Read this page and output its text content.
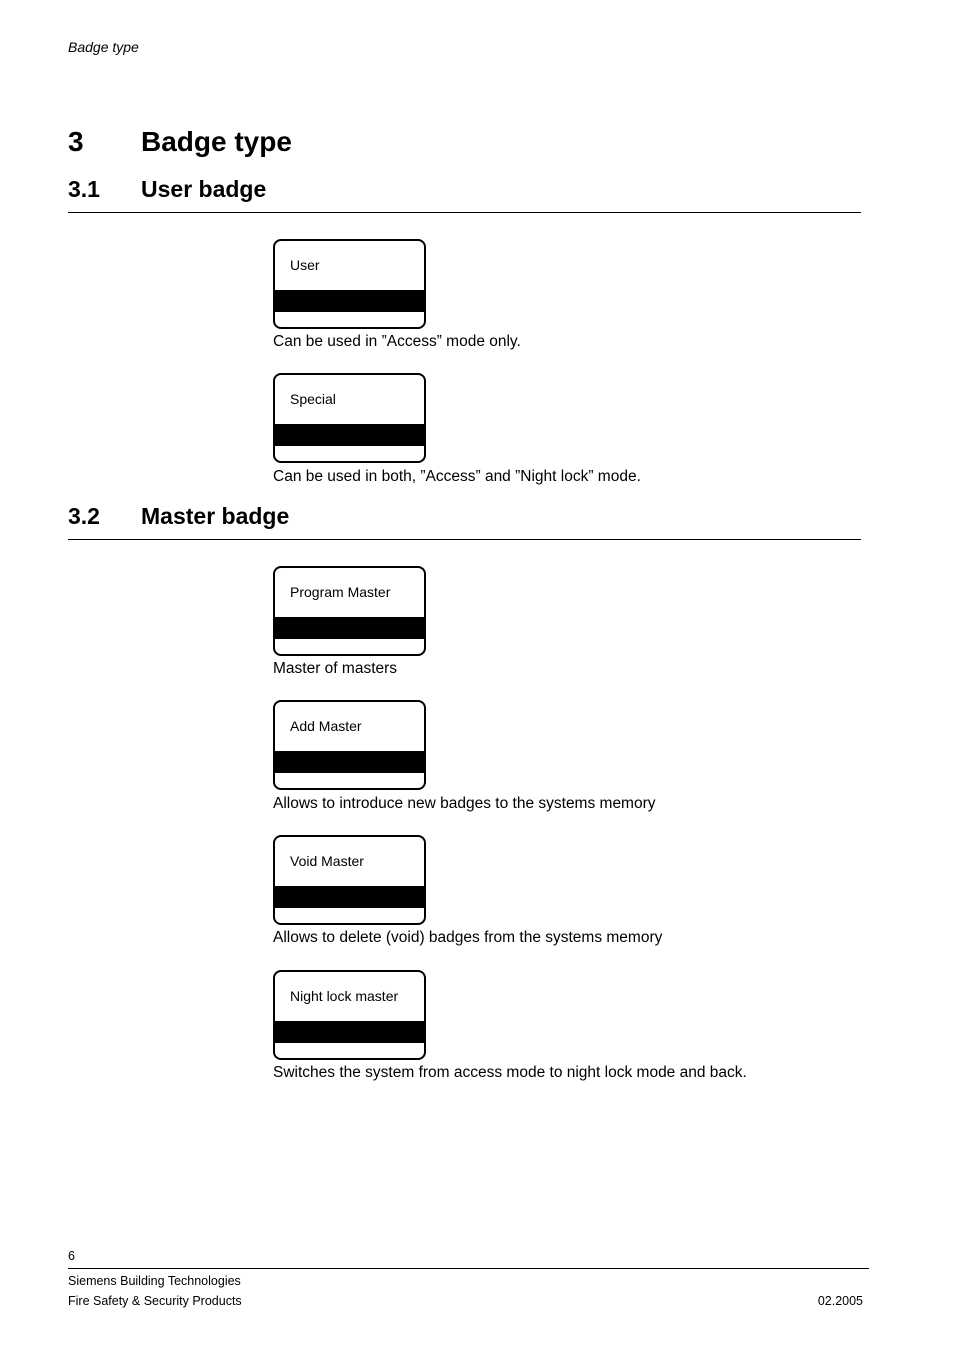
Badge type
3 Badge type
3.1 User badge
User
Can be used in ”Access” mode only.
Special
Can be used in both, ”Access” and ”Night lock” mode.
3.2 Master badge
Program Master
Master of masters
Add Master
Allows to introduce new badges to the systems memory
Void Master
Allows to delete (void) badges from the systems memory
Night lock master
Switches the system from access mode to night lock mode and back.
6
Siemens Building Technologies
Fire Safety & Security Products	02.2005
